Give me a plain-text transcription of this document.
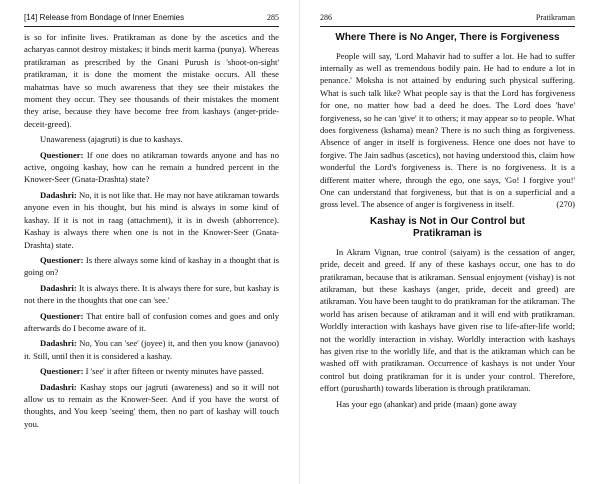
[14] Release from Bondage of Inner Enemies	285

is so for infinite lives. Pratikraman as done by the ascetics and the acharyas cannot destroy mistakes; it binds merit karma (punya). Whereas pratikraman as prescribed by the Gnani Purush is 'shoot-on-sight' pratikraman, it is done the moment the mistake occurs. All these mahatmas have so much awareness that they see their mistakes the moment they occur. They see thousands of their mistakes the moment they arise, because they have become free from kashays (anger-pride-deceit-greed).

Unawareness (ajagruti) is due to kashays.

Questioner: If one does no atikraman towards anyone and has no active, ongoing kashay, how can he remain a hundred percent in the Knower-Seer (Gnata-Drashta) state?

Dadashri: No, it is not like that. He may not have atikraman towards anyone even in his thought, but his mind is always in some kind of kashay. If it is not in raag (attachment), it is in dwesh (abhorrence). Kashay is always there when one is not in the Knower-Seer (Gnata-Drashta) state.

Questioner: Is there always some kind of kashay in a thought that is going on?

Dadashri: It is always there. It is always there for sure, but kashay is not there in the thoughts that one can 'see.'

Questioner: That entire ball of confusion comes and goes and only afterwards do I become aware of it.

Dadashri: No, You can 'see' (joyee) it, and then you know (janavoo) it. Still, until then it is considered a kashay.

Questioner: I 'see' it after fifteen or twenty minutes have passed.

Dadashri: Kashay stops our jagruti (awareness) and so it will not allow us to remain as the Knower-Seer. And if you have the worst of thoughts, and You keep 'seeing' them, then no part of kashay will touch you.

286	Pratikraman
Where There is No Anger, There is Forgiveness

People will say, 'Lord Mahavir had to suffer a lot. He had to suffer internally as well as tremendous bodily pain. He had to endure a lot in penance.' Moksha is not attained by enduring such physical suffering. What is such talk like? What people say is that the Lord has forgiveness for one, no matter how bad a deed he does. The Lord does 'have' forgiveness, so he can 'give' it to others; it may appear so to people. What does forgiveness (kshama) mean? There is no such thing as forgiveness. Absence of anger in itself is forgiveness. Hence one does not have to forgive. The Jain sadhus (ascetics), not having understood this, claim how wonderful the Lord's forgiveness is. There is no forgiveness. It is a different matter where, through the ego, one says, 'Go! I forgive you!' One can understand that forgiveness, but that is on a superficial and a gross level. The absence of anger is forgiveness in itself.	(270)

Kashay is Not in Our Control but
Pratikraman is

In Akram Vignan, true control (saiyam) is the cessation of anger, pride, deceit and greed. If any of these kashays occur, one has to do pratikraman, because that is atikraman. Sensual enjoyment (vishay) is not atikraman, but these kashays (anger, pride, deceit and greed) are atikraman. You have been taught to do pratikraman for the atikraman. The world has arisen because of atikraman and it will end with pratikraman. Worldly interaction with kashays have given rise to life-after-life world; not the worldly interaction in vishay. Worldly interaction with kashays has given rise to the worldly life, and that is the atikraman which can be washed off with pratikraman. Occurrence of kashays is not under Your control but doing pratikraman for it is under your control. Therefore, effort (purusharth) towards liberation is through pratikraman.

Has your ego (ahankar) and pride (maan) gone away
